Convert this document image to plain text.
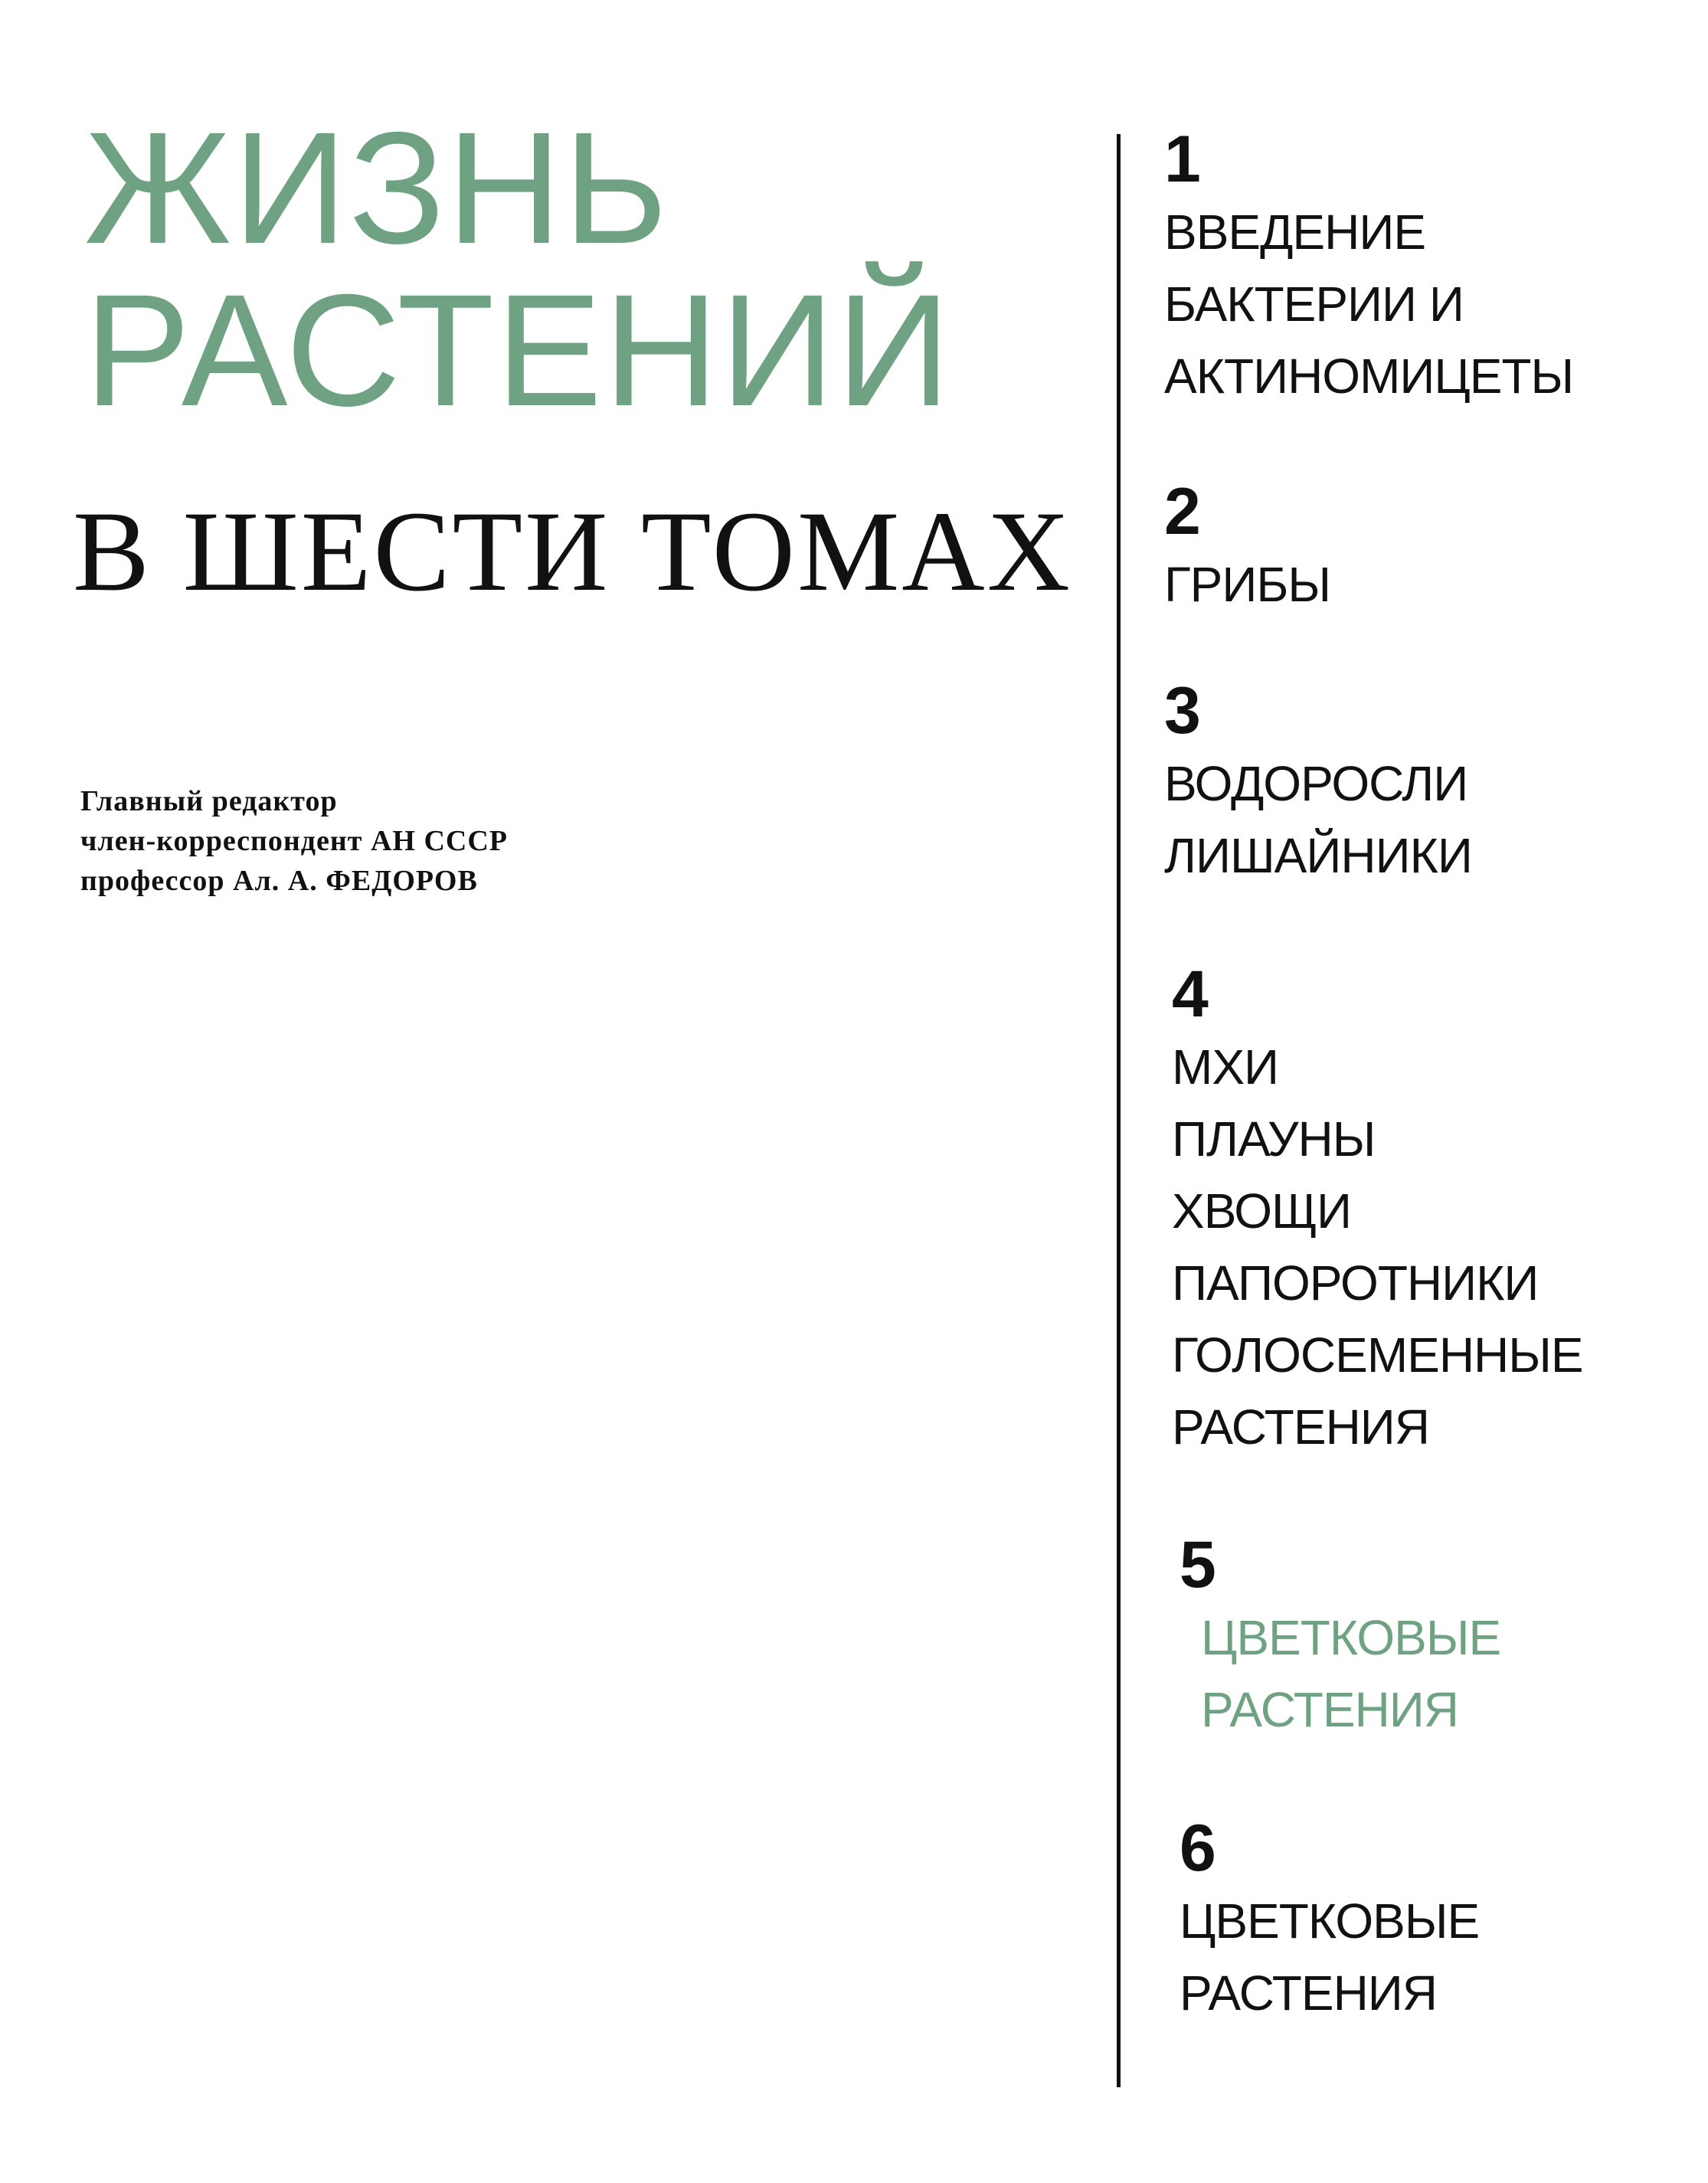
ЖИЗНЬ
РАСТЕНИЙ
В ШЕСТИ ТОМАХ
Главный редактор
член-корреспондент АН СССР
профессор Ал. А. ФЕДОРОВ
1
ВВЕДЕНИЕ
БАКТЕРИИ И
АКТИНОМИЦЕТЫ
2
ГРИБЫ
3
ВОДОРОСЛИ
ЛИШАЙНИКИ
4
МХИ
ПЛАУНЫ
ХВОЩИ
ПАПОРОТНИКИ
ГОЛОСЕМЕННЫЕ
РАСТЕНИЯ
5
ЦВЕТКОВЫЕ
РАСТЕНИЯ
6
ЦВЕТКОВЫЕ
РАСТЕНИЯ
